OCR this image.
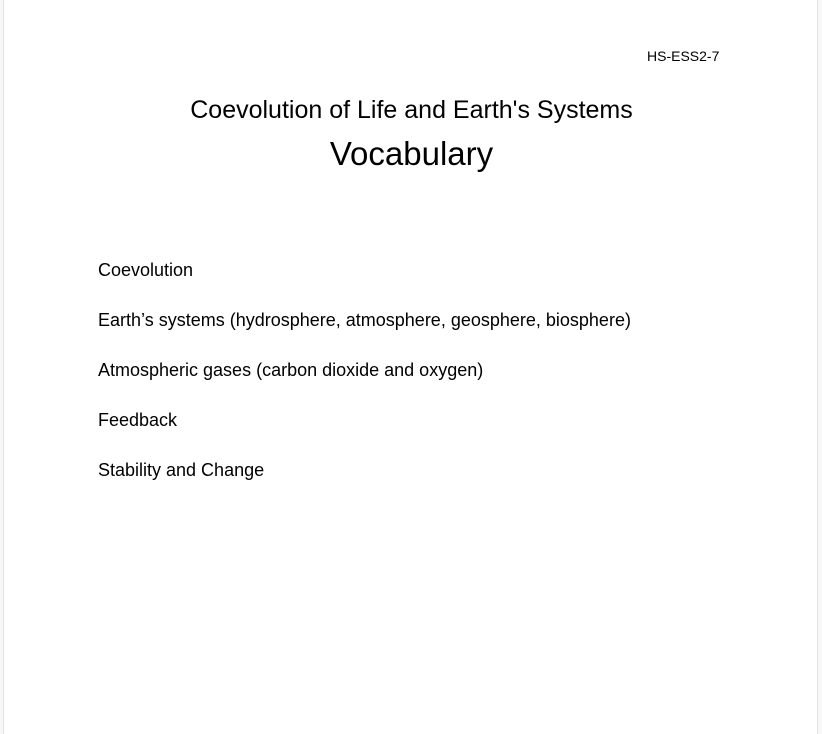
HS-ESS2-7
Coevolution of Life and Earth's Systems
Vocabulary
Coevolution
Earth’s systems (hydrosphere, atmosphere, geosphere, biosphere)
Atmospheric gases (carbon dioxide and oxygen)
Feedback
Stability and Change
